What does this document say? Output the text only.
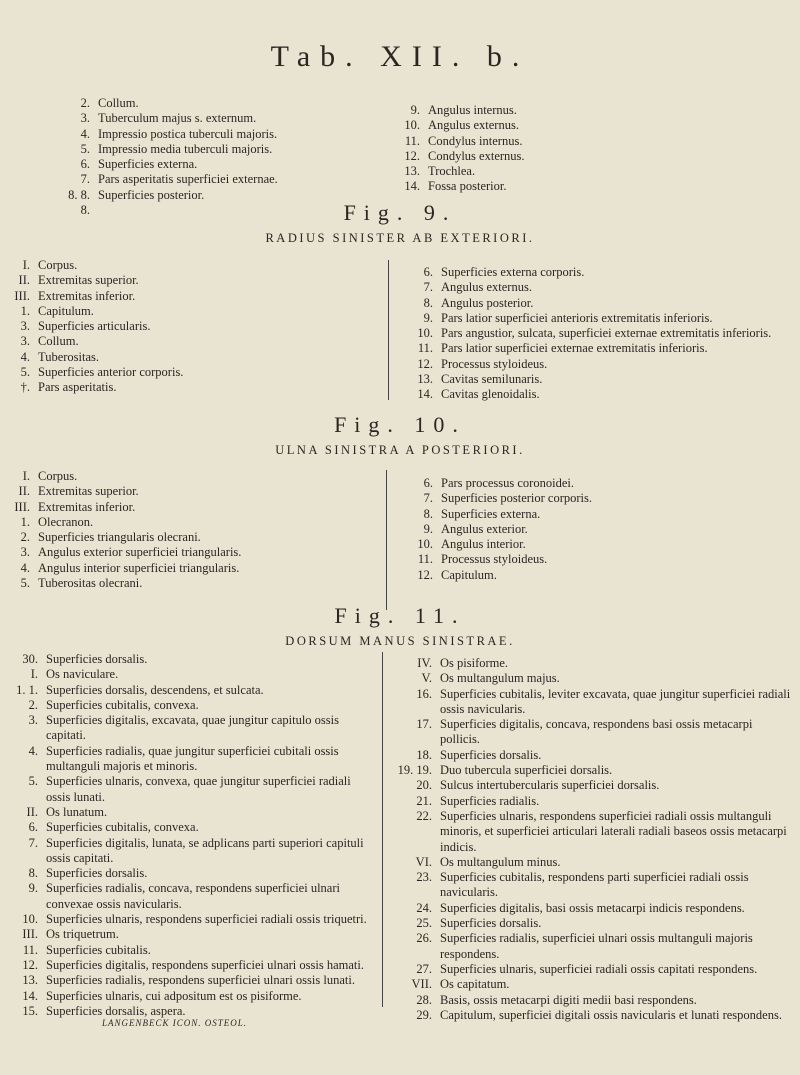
Tab. XII. b.
2. Collum.
3. Tuberculum majus s. externum.
4. Impressio postica tuberculi majoris.
5. Impressio media tuberculi majoris.
6. Superficies externa.
7. Pars asperitatis superficiei externae.
8. 8. 8.
Superficies posterior.
9. Angulus internus.
10. Angulus externus.
11. Condylus internus.
12. Condylus externus.
13. Trochlea.
14. Fossa posterior.
Fig. 9.
RADIUS SINISTER AB EXTERIORI.
I. Corpus.
II. Extremitas superior.
III. Extremitas inferior.
1. Capitulum.
3. Superficies articularis.
3. Collum.
4. Tuberositas.
5. Superficies anterior corporis.
†. Pars asperitatis.
6. Superficies externa corporis.
7. Angulus externus.
8. Angulus posterior.
9. Pars latior superficiei anterioris extremitatis inferioris.
10. Pars angustior, sulcata, superficiei externae extremitatis inferioris.
11. Pars latior superficiei externae extremitatis inferioris.
12. Processus styloideus.
13. Cavitas semilunaris.
14. Cavitas glenoidalis.
Fig. 10.
ULNA SINISTRA A POSTERIORI.
I. Corpus.
II. Extremitas superior.
III. Extremitas inferior.
1. Olecranon.
2. Superficies triangularis olecrani.
3. Angulus exterior superficiei triangularis.
4. Angulus interior superficiei triangularis.
5. Tuberositas olecrani.
6. Pars processus coronoidei.
7. Superficies posterior corporis.
8. Superficies externa.
9. Angulus exterior.
10. Angulus interior.
11. Processus styloideus.
12. Capitulum.
Fig. 11.
DORSUM MANUS SINISTRAE.
30. Superficies dorsalis.
I. Os naviculare.
1. 1. Superficies dorsalis, descendens, et sulcata.
2. Superficies cubitalis, convexa.
3. Superficies digitalis, excavata, quae jungitur capitulo ossis capitati.
4. Superficies radialis, quae jungitur superficiei cubitali ossis multanguli majoris et minoris.
5. Superficies ulnaris, convexa, quae jungitur superficiei radiali ossis lunati.
II. Os lunatum.
6. Superficies cubitalis, convexa.
7. Superficies digitalis, lunata, se adplicans parti superiori capituli ossis capitati.
8. Superficies dorsalis.
9. Superficies radialis, concava, respondens superficiei ulnari convexae ossis navicularis.
10. Superficies ulnaris, respondens superficiei radiali ossis triquetri.
III. Os triquetrum.
11. Superficies cubitalis.
12. Superficies digitalis, respondens superficiei ulnari ossis hamati.
13. Superficies radialis, respondens superficiei ulnari ossis lunati.
14. Superficies ulnaris, cui adpositum est os pisiforme.
15. Superficies dorsalis, aspera.
IV. Os pisiforme.
V. Os multangulum majus.
16. Superficies cubitalis, leviter excavata, quae jungitur superficiei radiali ossis navicularis.
17. Superficies digitalis, concava, respondens basi ossis metacarpi pollicis.
18. Superficies dorsalis.
19. 19. Duo tubercula superficiei dorsalis.
20. Sulcus intertubercularis superficiei dorsalis.
21. Superficies radialis.
22. Superficies ulnaris, respondens superficiei radiali ossis multanguli minoris, et superficiei articulari laterali radiali baseos ossis metacarpi indicis.
VI. Os multangulum minus.
23. Superficies cubitalis, respondens parti superficiei radiali ossis navicularis.
24. Superficies digitalis, basi ossis metacarpi indicis respondens.
25. Superficies dorsalis.
26. Superficies radialis, superficiei ulnari ossis multanguli majoris respondens.
27. Superficies ulnaris, superficiei radiali ossis capitati respondens.
VII. Os capitatum.
28. Basis, ossis metacarpi digiti medii basi respondens.
29. Capitulum, superficiei digitali ossis navicularis et lunati respondens.
LANGENBECK ICON. OSTEOL.
